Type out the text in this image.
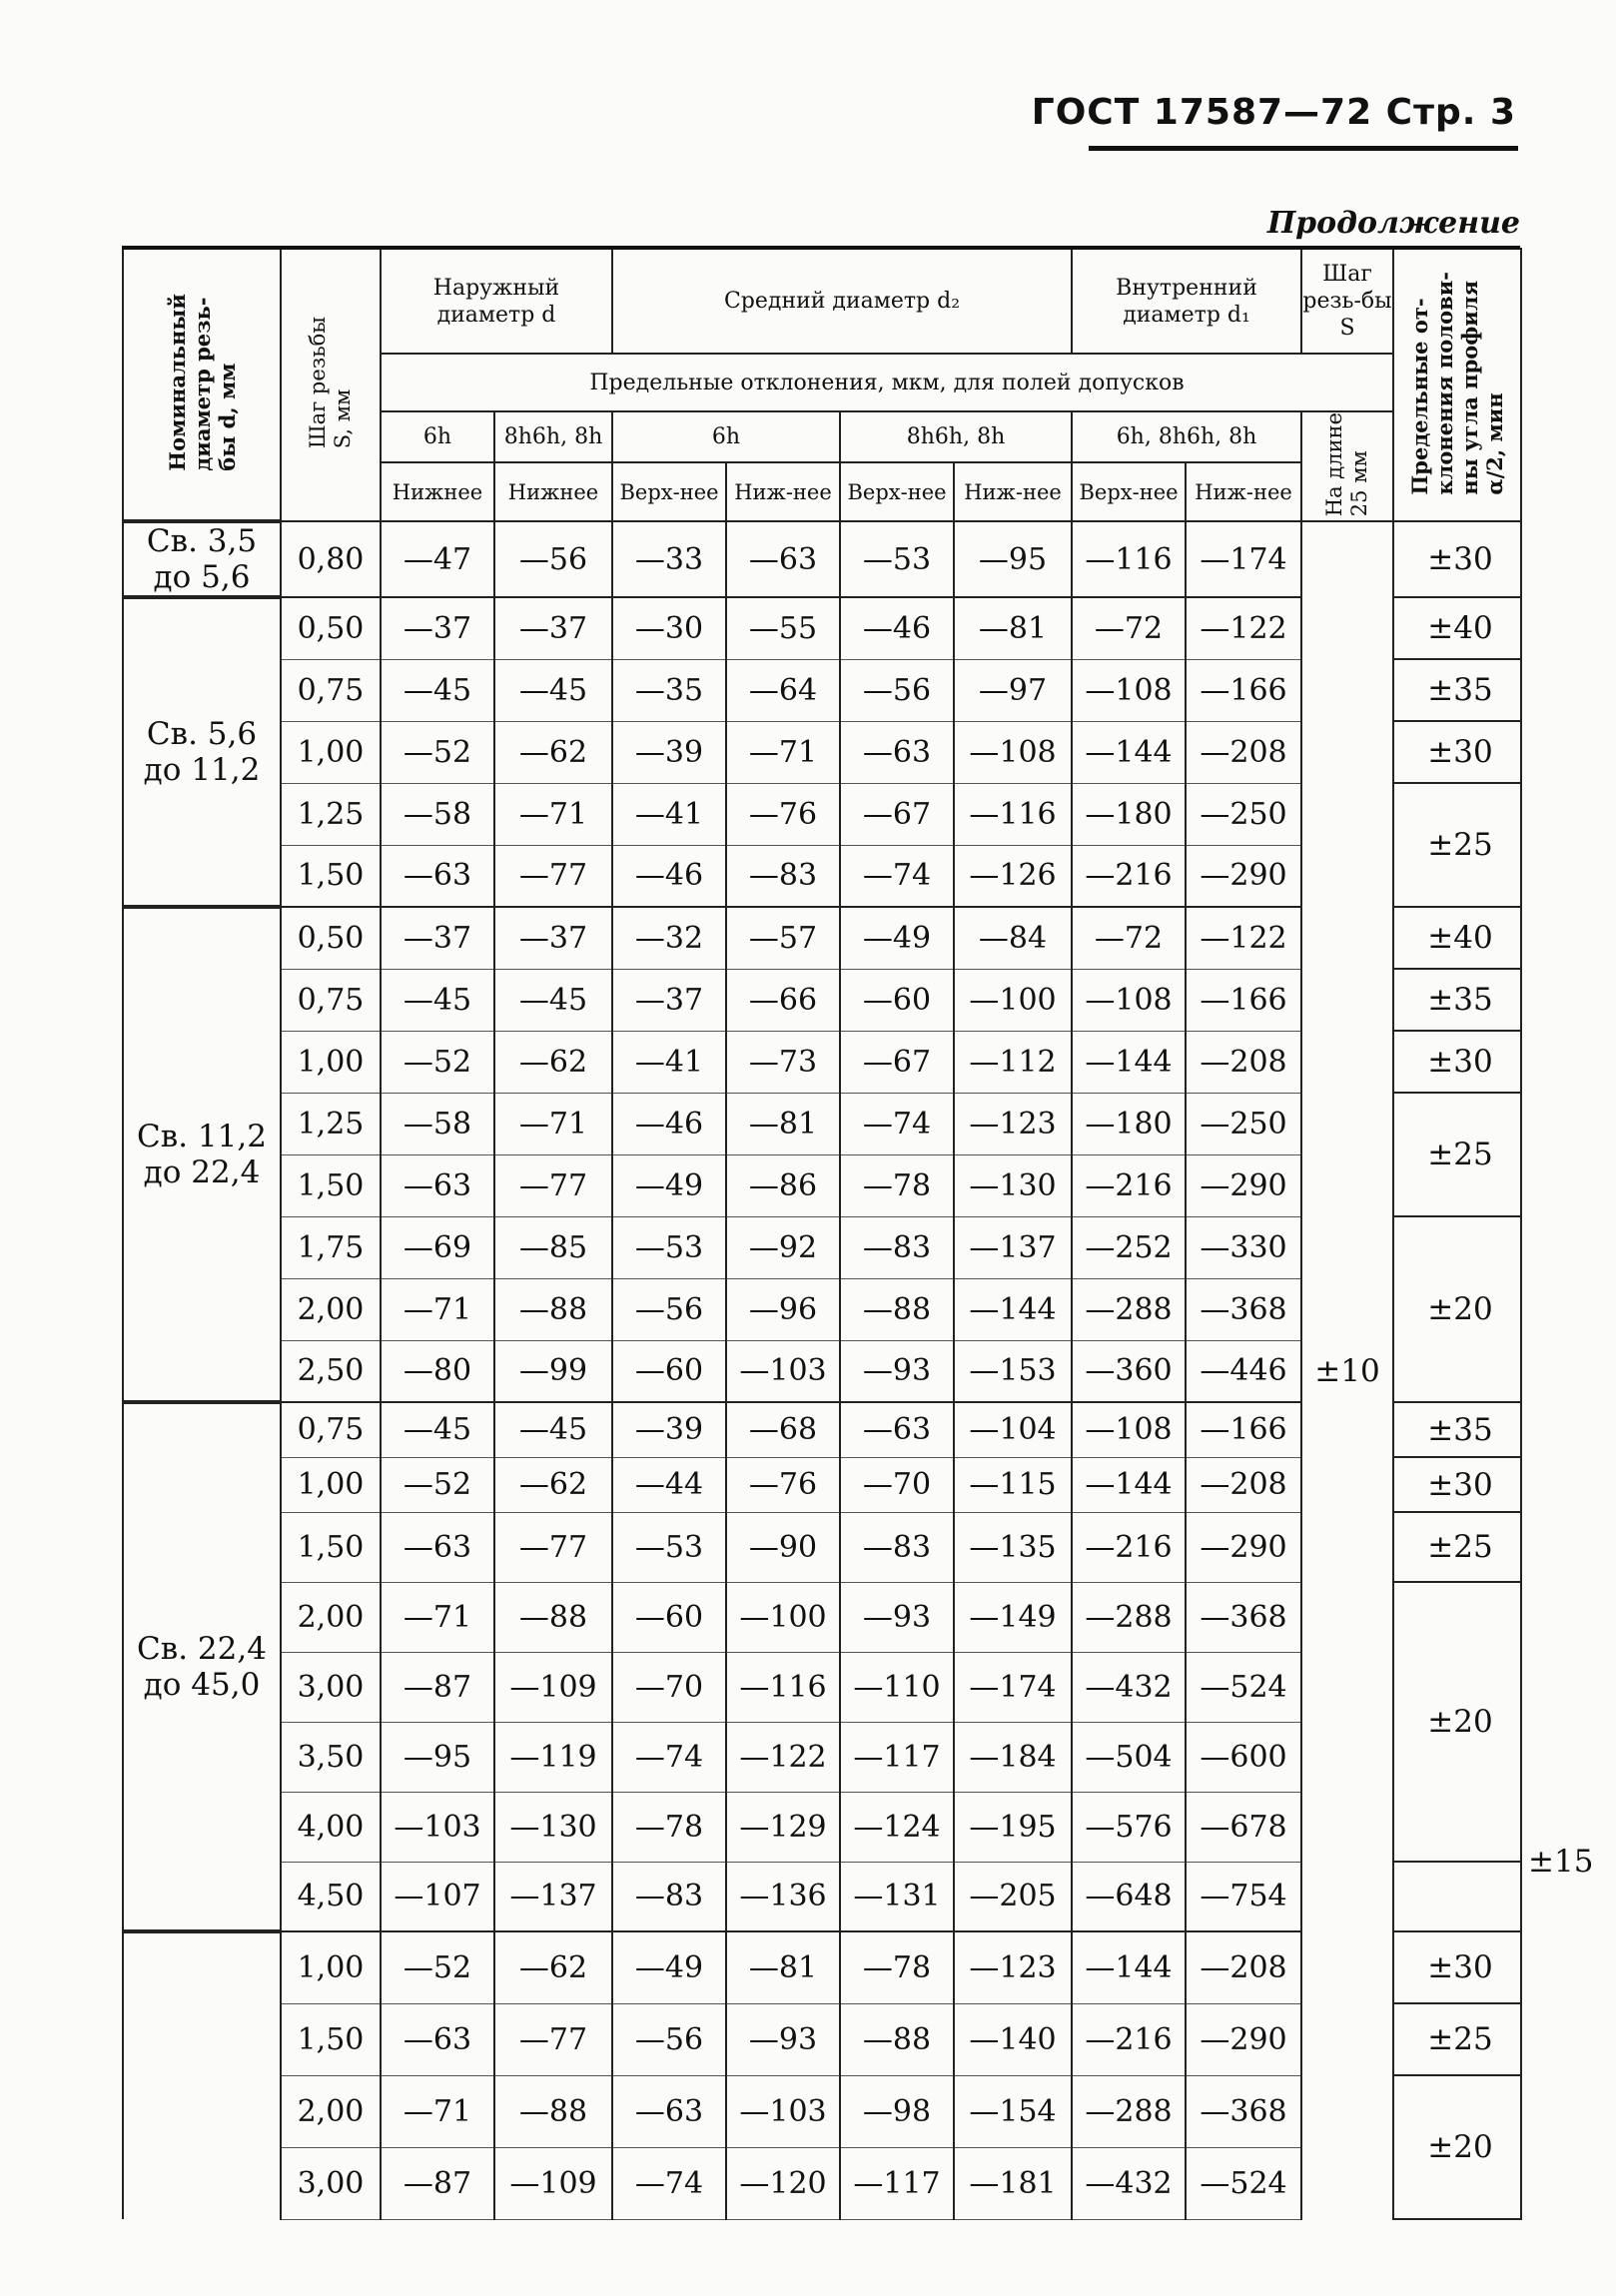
ГОСТ 17587—72 Стр. 3
Продолжение
Номинальный
диаметр резь-
бы d, мм	Шаг резьбы
S, мм	Наружный диаметр d		Средний диаметр d₂				Внутренний диаметр d₁		Шаг резь-бы S	Предельные от-
клонения полови-
ны угла профиля
α/2, мин	
		Предельные отклонения, мкм, для полей допусков										
		6h	8h6h, 8h	6h		8h6h, 8h		6h, 8h6h, 8h		На длине
25 мм		
		Нижнее	Нижнее	Верх-нее	Ниж-нее	Верх-нее	Ниж-нее	Верх-нее	Ниж-нее			
Св. 3,5 до 5,6	0,80	—47	—56	—33	—63	—53	—95	—116	—174	±10	±30	
Св. 5,6 до 11,2	0,50	—37	—37	—30	—55	—46	—81	—72	—122		±40	
	0,75	—45	—45	—35	—64	—56	—97	—108	—166		±35	
	1,00	—52	—62	—39	—71	—63	—108	—144	—208		±30	
	1,25	—58	—71	—41	—76	—67	—116	—180	—250		±25	
	1,50	—63	—77	—46	—83	—74	—126	—216	—290			
Св. 11,2 до 22,4	0,50	—37	—37	—32	—57	—49	—84	—72	—122		±40	
	0,75	—45	—45	—37	—66	—60	—100	—108	—166		±35	
	1,00	—52	—62	—41	—73	—67	—112	—144	—208		±30	
	1,25	—58	—71	—46	—81	—74	—123	—180	—250		±25	
	1,50	—63	—77	—49	—86	—78	—130	—216	—290			
	1,75	—69	—85	—53	—92	—83	—137	—252	—330		±20	
	2,00	—71	—88	—56	—96	—88	—144	—288	—368			
	2,50	—80	—99	—60	—103	—93	—153	—360	—446			
Св. 22,4 до 45,0	0,75	—45	—45	—39	—68	—63	—104	—108	—166		±35	
	1,00	—52	—62	—44	—76	—70	—115	—144	—208		±30	
	1,50	—63	—77	—53	—90	—83	—135	—216	—290		±25	
	2,00	—71	—88	—60	—100	—93	—149	—288	—368		±20	
	3,00	—87	—109	—70	—116	—110	—174	—432	—524			
	3,50	—95	—119	—74	—122	—117	—184	—504	—600			
	4,00	—103	—130	—78	—129	—124	—195	—576	—678			±15
	4,50	—107	—137	—83	—136	—131	—205	—648	—754			
	1,00	—52	—62	—49	—81	—78	—123	—144	—208		±30	
	1,50	—63	—77	—56	—93	—88	—140	—216	—290		±25	
	2,00	—71	—88	—63	—103	—98	—154	—288	—368		±20	
	3,00	—87	—109	—74	—120	—117	—181	—432	—524			
